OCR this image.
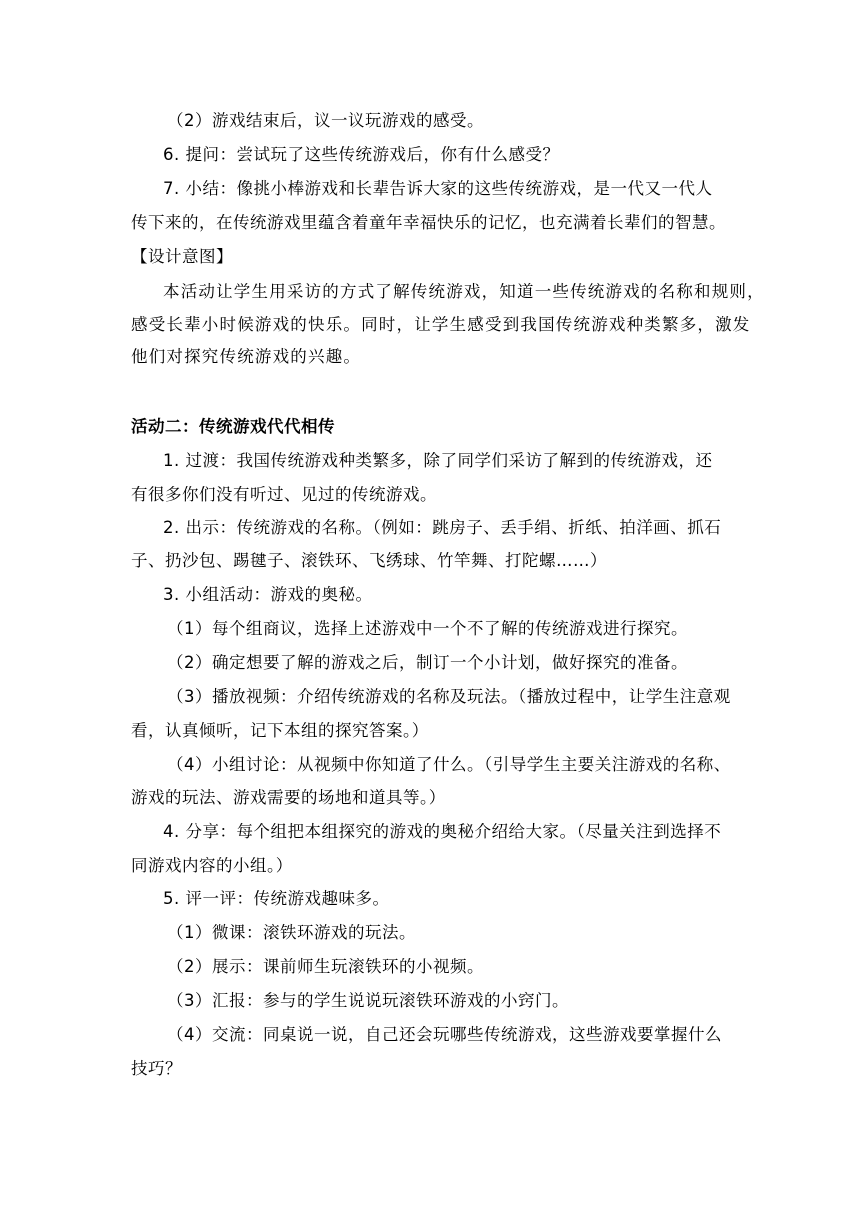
（2）游戏结束后，议一议玩游戏的感受。
6. 提问：尝试玩了这些传统游戏后，你有什么感受？
7. 小结：像挑小棒游戏和长辈告诉大家的这些传统游戏，是一代又一代人
传下来的，在传统游戏里蕴含着童年幸福快乐的记忆，也充满着长辈们的智慧。
【设计意图】
本活动让学生用采访的方式了解传统游戏，知道一些传统游戏的名称和规则，
感受长辈小时候游戏的快乐。同时，让学生感受到我国传统游戏种类繁多，激发
他们对探究传统游戏的兴趣。
活动二：传统游戏代代相传
1. 过渡：我国传统游戏种类繁多，除了同学们采访了解到的传统游戏，还
有很多你们没有听过、见过的传统游戏。
2. 出示：传统游戏的名称。（例如：跳房子、丢手绢、折纸、拍洋画、抓石
子、扔沙包、踢毽子、滚铁环、飞绣球、竹竿舞、打陀螺……）
3. 小组活动：游戏的奥秘。
（1）每个组商议，选择上述游戏中一个不了解的传统游戏进行探究。
（2）确定想要了解的游戏之后，制订一个小计划，做好探究的准备。
（3）播放视频：介绍传统游戏的名称及玩法。（播放过程中，让学生注意观
看，认真倾听，记下本组的探究答案。）
（4）小组讨论：从视频中你知道了什么。（引导学生主要关注游戏的名称、
游戏的玩法、游戏需要的场地和道具等。）
4. 分享：每个组把本组探究的游戏的奥秘介绍给大家。（尽量关注到选择不
同游戏内容的小组。）
5. 评一评：传统游戏趣味多。
（1）微课：滚铁环游戏的玩法。
（2）展示：课前师生玩滚铁环的小视频。
（3）汇报：参与的学生说说玩滚铁环游戏的小窍门。
（4）交流：同桌说一说，自己还会玩哪些传统游戏，这些游戏要掌握什么
技巧？
